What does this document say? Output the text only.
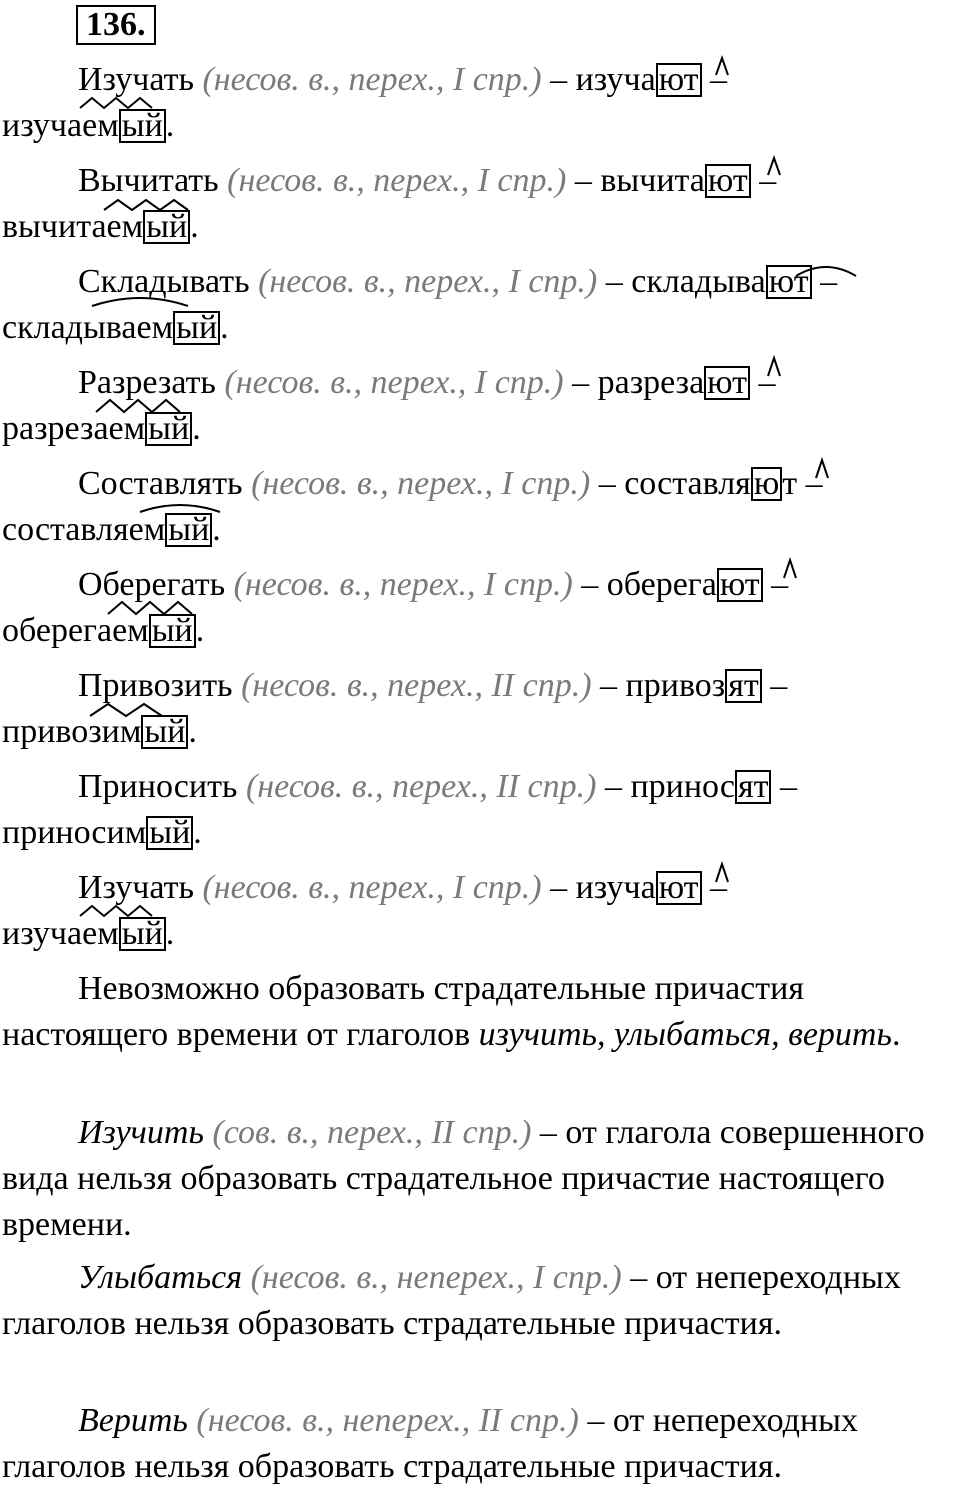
136.
Изучать (несов. в., перех., I спр.) – изучают –
изучаемый.
Вычитать (несов. в., перех., I спр.) – вычитают –
вычитаемый.
Складывать (несов. в., перех., I спр.) – складывают –
складываемый.
Разрезать (несов. в., перех., I спр.) – разрезают –
разрезаемый.
Составлять (несов. в., перех., I спр.) – составляют –
составляемый.
Оберегать (несов. в., перех., I спр.) – оберегают –
оберегаемый.
Привозить (несов. в., перех., II спр.) – привозят –
привозимый.
Приносить (несов. в., перех., II спр.) – приносят –
приносимый.
Изучать (несов. в., перех., I спр.) – изучают –
изучаемый.
Невозможно образовать страдательные причастия настоящего времени от глаголов изучить, улыбаться, верить.
Изучить (сов. в., перех., II спр.) – от глагола совершенного вида нельзя образовать страдательное причастие настоящего времени.
Улыбаться (несов. в., неперех., I спр.) – от непереходных глаголов нельзя образовать страдательные причастия.
Верить (несов. в., неперех., II спр.) – от непереходных глаголов нельзя образовать страдательные причастия.
